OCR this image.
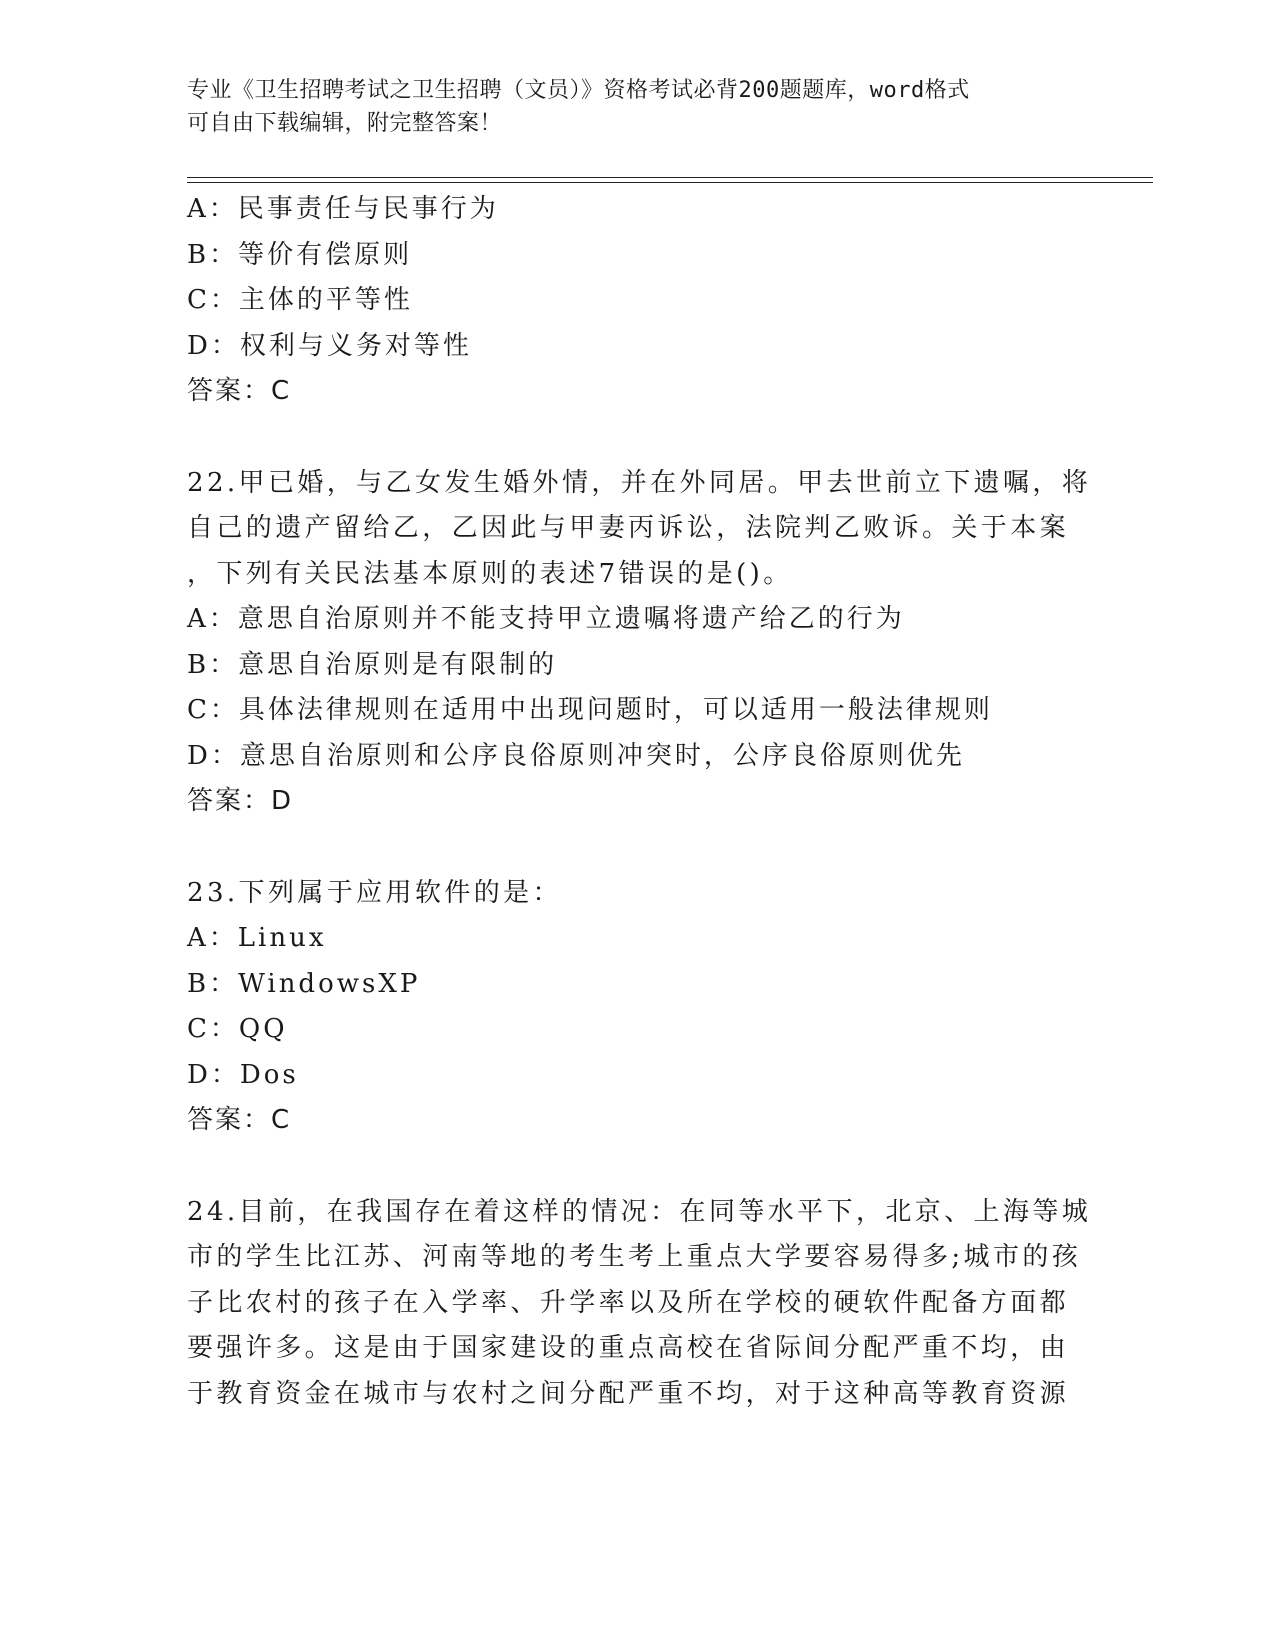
专业《卫生招聘考试之卫生招聘（文员）》资格考试必背200题题库，word格式
可自由下载编辑，附完整答案！
A：民事责任与民事行为
B：等价有偿原则
C：主体的平等性
D：权利与义务对等性
答案：C
22.甲已婚，与乙女发生婚外情，并在外同居。甲去世前立下遗嘱，将
自己的遗产留给乙，乙因此与甲妻丙诉讼，法院判乙败诉。关于本案
，下列有关民法基本原则的表述7错误的是()。
A：意思自治原则并不能支持甲立遗嘱将遗产给乙的行为
B：意思自治原则是有限制的
C：具体法律规则在适用中出现问题时，可以适用一般法律规则
D：意思自治原则和公序良俗原则冲突时，公序良俗原则优先
答案：D
23.下列属于应用软件的是：
A：Linux
B：WindowsXP
C：QQ
D：Dos
答案：C
24.目前，在我国存在着这样的情况：在同等水平下，北京、上海等城
市的学生比江苏、河南等地的考生考上重点大学要容易得多;城市的孩
子比农村的孩子在入学率、升学率以及所在学校的硬软件配备方面都
要强许多。这是由于国家建设的重点高校在省际间分配严重不均，由
于教育资金在城市与农村之间分配严重不均，对于这种高等教育资源
